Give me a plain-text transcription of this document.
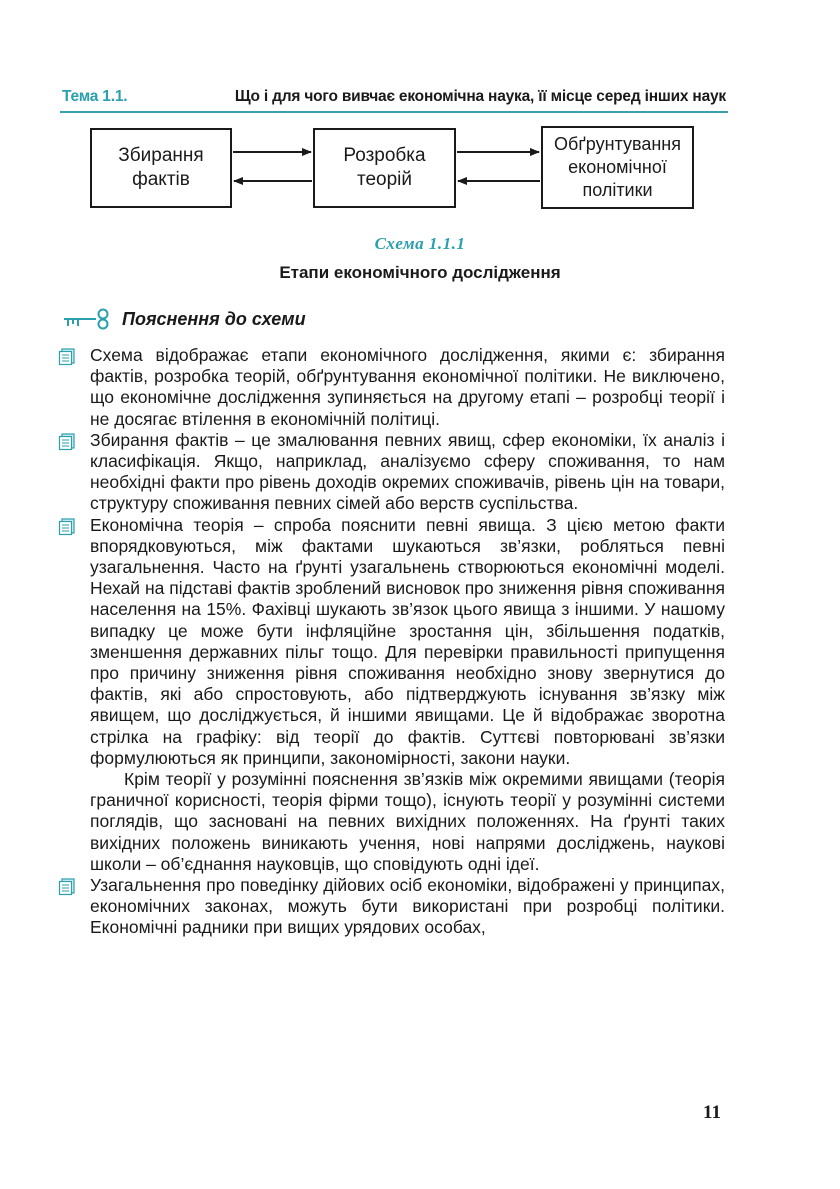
Тема 1.1.	Що і для чого вивчає економічна наука, її місце серед інших наук
Збирання
фактів
Розробка
теорій
Обґрунтування
економічної
політики
Схема 1.1.1
Етапи економічного дослідження
Пояснення до схеми

Схема відображає етапи економічного дослідження, якими є: збирання фактів, розробка теорій, обґрунтування економічної політики. Не виключено, що економічне дослідження зупиняється на другому етапі – розробці теорії і не досягає втілення в економічній політиці.

Збирання фактів – це змалювання певних явищ, сфер економіки, їх аналіз і класифікація. Якщо, наприклад, аналізуємо сферу споживання, то нам необхідні факти про рівень доходів окремих споживачів, рівень цін на товари, структуру споживання певних сімей або верств суспільства.

Економічна теорія – спроба пояснити певні явища. З цією метою факти впорядковуються, між фактами шукаються зв’язки, робляться певні узагальнення. Часто на ґрунті узагальнень створюються економічні моделі. Нехай на підставі фактів зроблений висновок про зниження рівня споживання населення на 15%. Фахівці шукають зв’язок цього явища з іншими. У нашому випадку це може бути інфляційне зростання цін, збільшення податків, зменшення державних пільг тощо. Для перевірки правильності припущення про причину зниження рівня споживання необхідно знову звернутися до фактів, які або спростовують, або підтверджують існування зв’язку між явищем, що досліджується, й іншими явищами. Це й відображає зворотна стрілка на графіку: від теорії до фактів. Суттєві повторювані зв’язки формулюються як принципи, закономірності, закони науки.

Крім теорії у розумінні пояснення зв’язків між окремими явищами (теорія граничної корисності, теорія фірми тощо), існують теорії у розумінні системи поглядів, що засновані на певних вихідних положеннях. На ґрунті таких вихідних положень виникають учення, нові напрями досліджень, наукові школи – об’єднання науковців, що сповідують одні ідеї.

Узагальнення про поведінку дійових осіб економіки, відображені у принципах, економічних законах, можуть бути використані при розробці політики. Економічні радники при вищих урядових особах,

11
